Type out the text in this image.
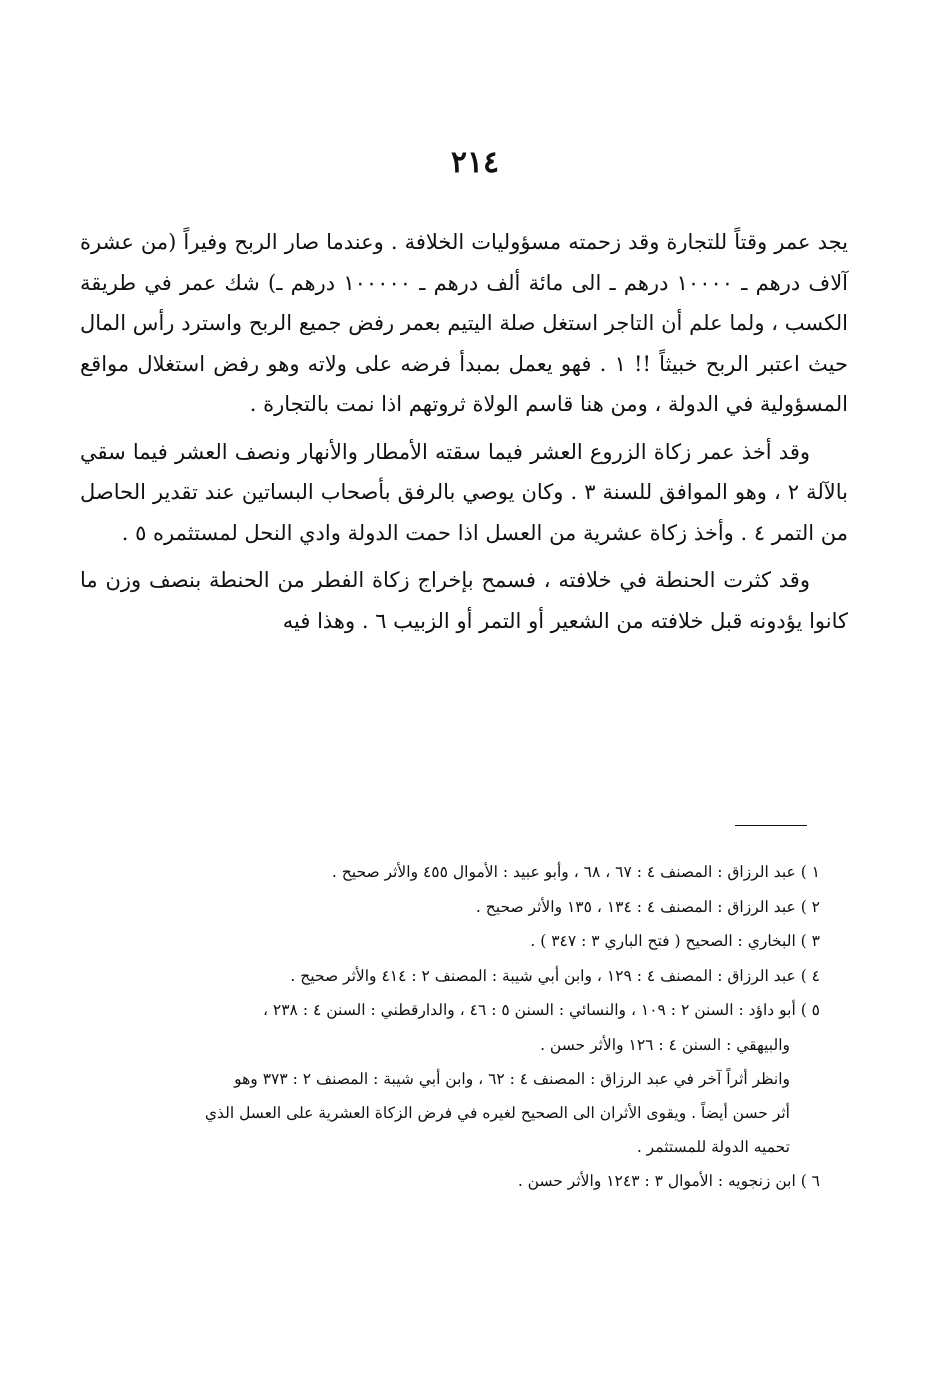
٢١٤

يجد عمر وقتاً للتجارة وقد زحمته مسؤوليات الخلافة . وعندما صار الربح وفيراً (من عشرة آلاف درهم ـ ١٠٠٠٠ درهم ـ الى مائة ألف درهم ـ ١٠٠٠٠٠ درهم ـ) شك عمر في طريقة الكسب ، ولما علم أن التاجر استغل صلة اليتيم بعمر رفض جميع الربح واسترد رأس المال حيث اعتبر الربح خبيثاً !! ١ . فهو يعمل بمبدأ فرضه على ولاته وهو رفض استغلال مواقع المسؤولية في الدولة ، ومن هنا قاسم الولاة ثروتهم اذا نمت بالتجارة .

وقد أخذ عمر زكاة الزروع العشر فيما سقته الأمطار والأنهار ونصف العشر فيما سقي بالآلة ٢ ، وهو الموافق للسنة ٣ . وكان يوصي بالرفق بأصحاب البساتين عند تقدير الحاصل من التمر ٤ . وأخذ زكاة عشرية من العسل اذا حمت الدولة وادي النحل لمستثمره ٥ .

وقد كثرت الحنطة في خلافته ، فسمح بإخراج زكاة الفطر من الحنطة بنصف وزن ما كانوا يؤدونه قبل خلافته من الشعير أو التمر أو الزبيب ٦ . وهذا فيه

١ ) عبد الرزاق : المصنف ٤ : ٦٧ ، ٦٨ ، وأبو عبيد : الأموال ٤٥٥ والأثر صحيح .
٢ ) عبد الرزاق : المصنف ٤ : ١٣٤ ، ١٣٥ والأثر صحيح .
٣ ) البخاري : الصحيح ( فتح الباري ٣ : ٣٤٧ ) .
٤ ) عبد الرزاق : المصنف ٤ : ١٢٩ ، وابن أبي شيبة : المصنف ٢ : ٤١٤ والأثر صحيح .
٥ ) أبو داؤد : السنن ٢ : ١٠٩ ، والنسائي : السنن ٥ : ٤٦ ، والدارقطني : السنن ٤ : ٢٣٨ ،
والبيهقي : السنن ٤ : ١٢٦ والأثر حسن .
وانظر أثراً آخر في عبد الرزاق : المصنف ٤ : ٦٢ ، وابن أبي شيبة : المصنف ٢ : ٣٧٣ وهو
أثر حسن أيضاً . ويقوى الأثران الى الصحيح لغيره في فرض الزكاة العشرية على العسل الذي
تحميه الدولة للمستثمر .
٦ ) ابن زنجويه : الأموال ٣ : ١٢٤٣ والأثر حسن .
